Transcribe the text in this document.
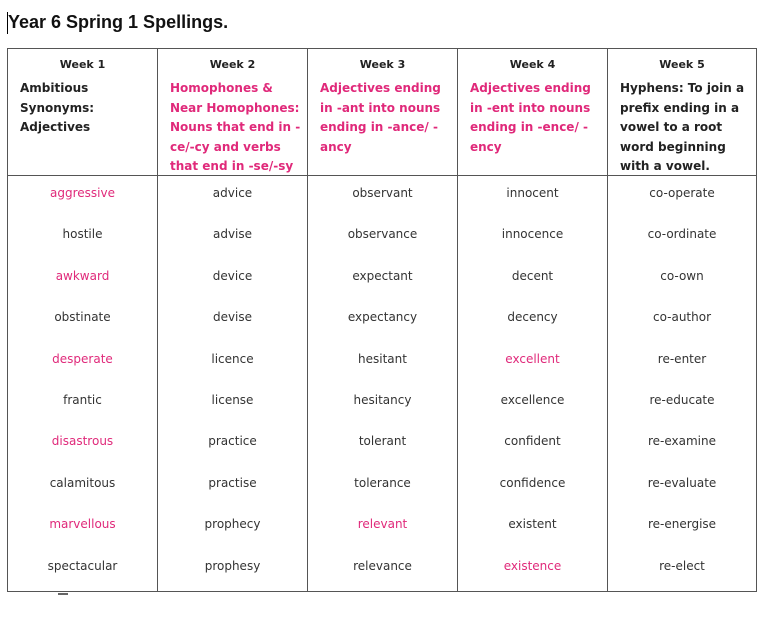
Year 6 Spring 1 Spellings.
Week 1
Ambitious Synonyms: Adjectives
aggressive
hostile
awkward
obstinate
desperate
frantic
disastrous
calamitous
marvellous
spectacular
Week 2
Homophones & Near Homophones: Nouns that end in -ce/-cy and verbs that end in -se/-sy
advice
advise
device
devise
licence
license
practice
practise
prophecy
prophesy
Week 3
Adjectives ending in -ant into nouns ending in -ance/ -ancy
observant
observance
expectant
expectancy
hesitant
hesitancy
tolerant
tolerance
relevant
relevance
Week 4
Adjectives ending in -ent into nouns ending in -ence/ -ency
innocent
innocence
decent
decency
excellent
excellence
confident
confidence
existent
existence
Week 5
Hyphens: To join a prefix ending in a vowel to a root word beginning with a vowel.
co-operate
co-ordinate
co-own
co-author
re-enter
re-educate
re-examine
re-evaluate
re-energise
re-elect
